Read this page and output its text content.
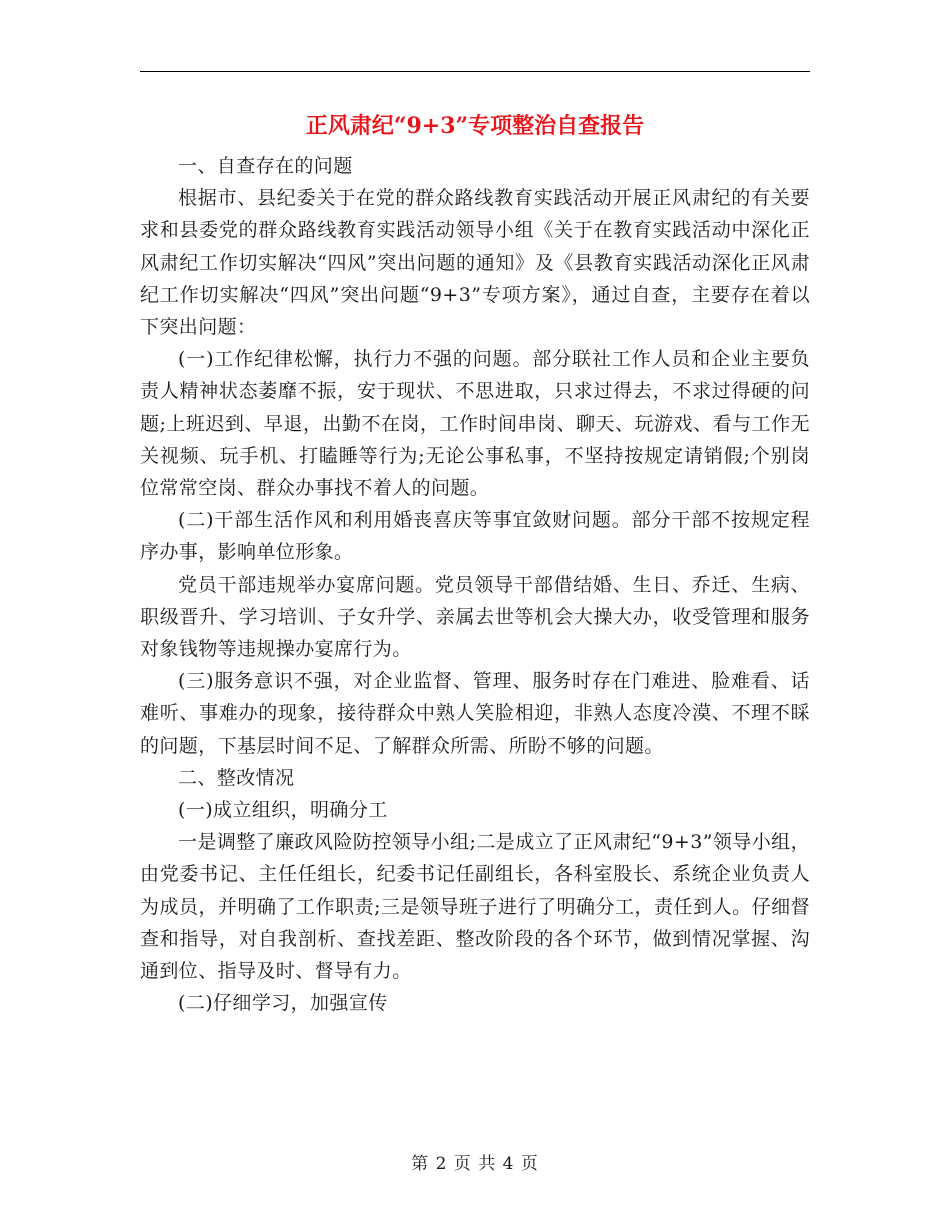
正风肃纪“9+3”专项整治自查报告

一、自查存在的问题

根据市、县纪委关于在党的群众路线教育实践活动开展正风肃纪的有关要求和县委党的群众路线教育实践活动领导小组《关于在教育实践活动中深化正风肃纪工作切实解决“四风”突出问题的通知》及《县教育实践活动深化正风肃纪工作切实解决“四风”突出问题“9+3”专项方案》，通过自查，主要存在着以下突出问题：

(一)工作纪律松懈，执行力不强的问题。部分联社工作人员和企业主要负责人精神状态萎靡不振，安于现状、不思进取，只求过得去，不求过得硬的问题;上班迟到、早退，出勤不在岗，工作时间串岗、聊天、玩游戏、看与工作无关视频、玩手机、打瞌睡等行为;无论公事私事，不坚持按规定请销假;个别岗位常常空岗、群众办事找不着人的问题。

(二)干部生活作风和利用婚丧喜庆等事宜敛财问题。部分干部不按规定程序办事，影响单位形象。

党员干部违规举办宴席问题。党员领导干部借结婚、生日、乔迁、生病、职级晋升、学习培训、子女升学、亲属去世等机会大操大办，收受管理和服务对象钱物等违规操办宴席行为。

(三)服务意识不强，对企业监督、管理、服务时存在门难进、脸难看、话难听、事难办的现象，接待群众中熟人笑脸相迎，非熟人态度冷漠、不理不睬的问题，下基层时间不足、了解群众所需、所盼不够的问题。

二、整改情况

(一)成立组织，明确分工

一是调整了廉政风险防控领导小组;二是成立了正风肃纪“9+3”领导小组，由党委书记、主任任组长，纪委书记任副组长，各科室股长、系统企业负责人为成员，并明确了工作职责;三是领导班子进行了明确分工，责任到人。仔细督查和指导，对自我剖析、查找差距、整改阶段的各个环节，做到情况掌握、沟通到位、指导及时、督导有力。

(二)仔细学习，加强宣传

第 2 页 共 4 页
